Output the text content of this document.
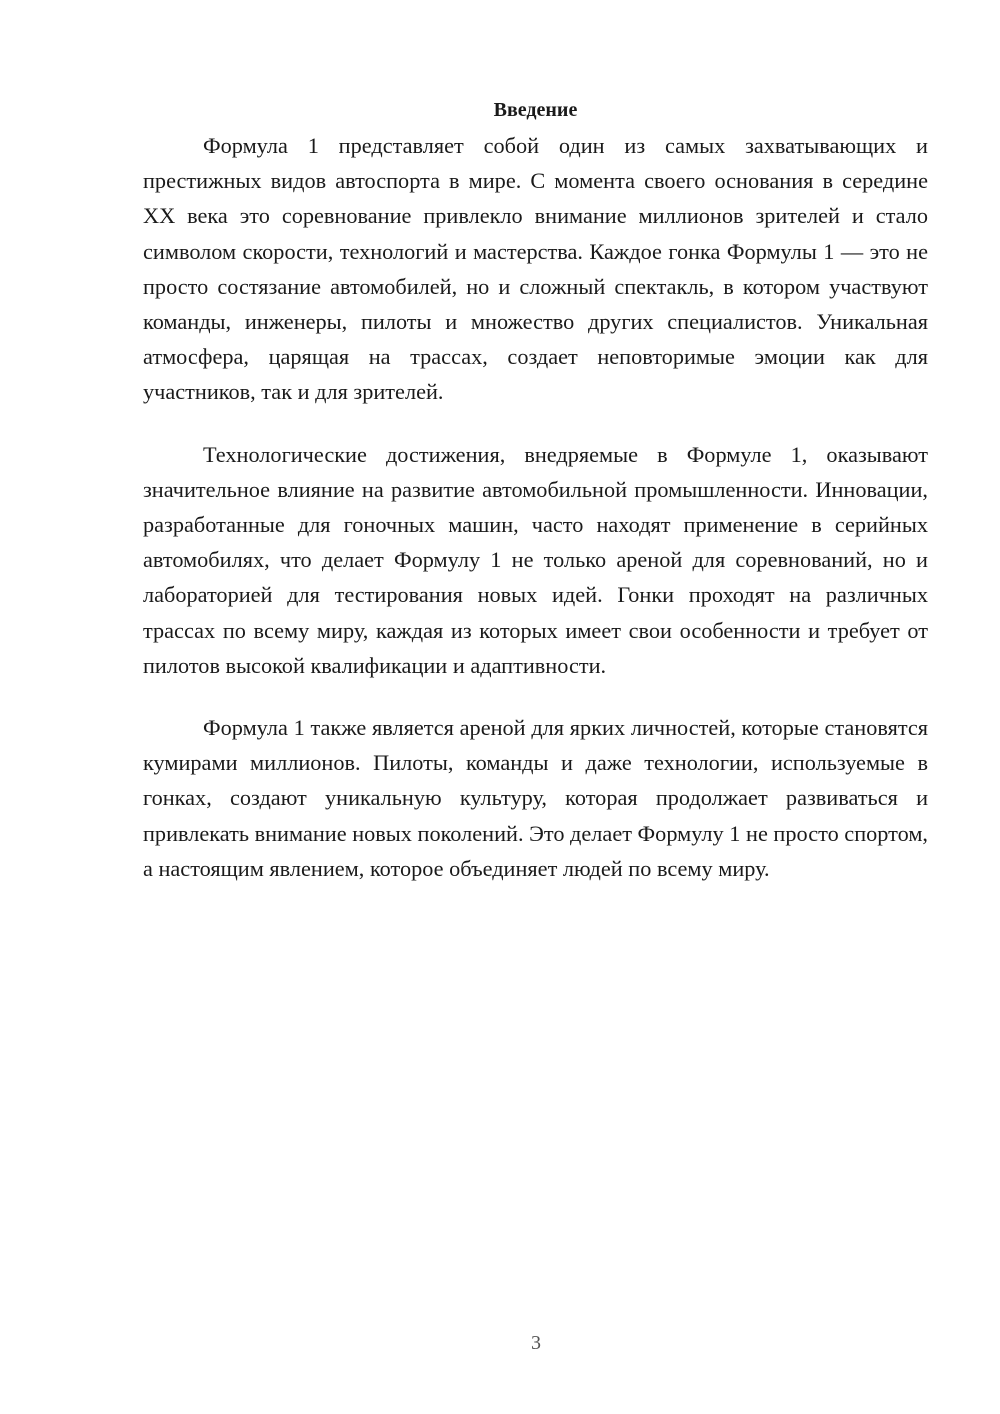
Введение

Формула 1 представляет собой один из самых захватывающих и престижных видов автоспорта в мире. С момента своего основания в середине XX века это соревнование привлекло внимание миллионов зрителей и стало символом скорости, технологий и мастерства. Каждое гонка Формулы 1 — это не просто состязание автомобилей, но и сложный спектакль, в котором участвуют команды, инженеры, пилоты и множество других специалистов. Уникальная атмосфера, царящая на трассах, создает неповторимые эмоции как для участников, так и для зрителей.

Технологические достижения, внедряемые в Формуле 1, оказывают значительное влияние на развитие автомобильной промышленности. Инновации, разработанные для гоночных машин, часто находят применение в серийных автомобилях, что делает Формулу 1 не только ареной для соревнований, но и лабораторией для тестирования новых идей. Гонки проходят на различных трассах по всему миру, каждая из которых имеет свои особенности и требует от пилотов высокой квалификации и адаптивности.

Формула 1 также является ареной для ярких личностей, которые становятся кумирами миллионов. Пилоты, команды и даже технологии, используемые в гонках, создают уникальную культуру, которая продолжает развиваться и привлекать внимание новых поколений. Это делает Формулу 1 не просто спортом, а настоящим явлением, которое объединяет людей по всему миру.

3
